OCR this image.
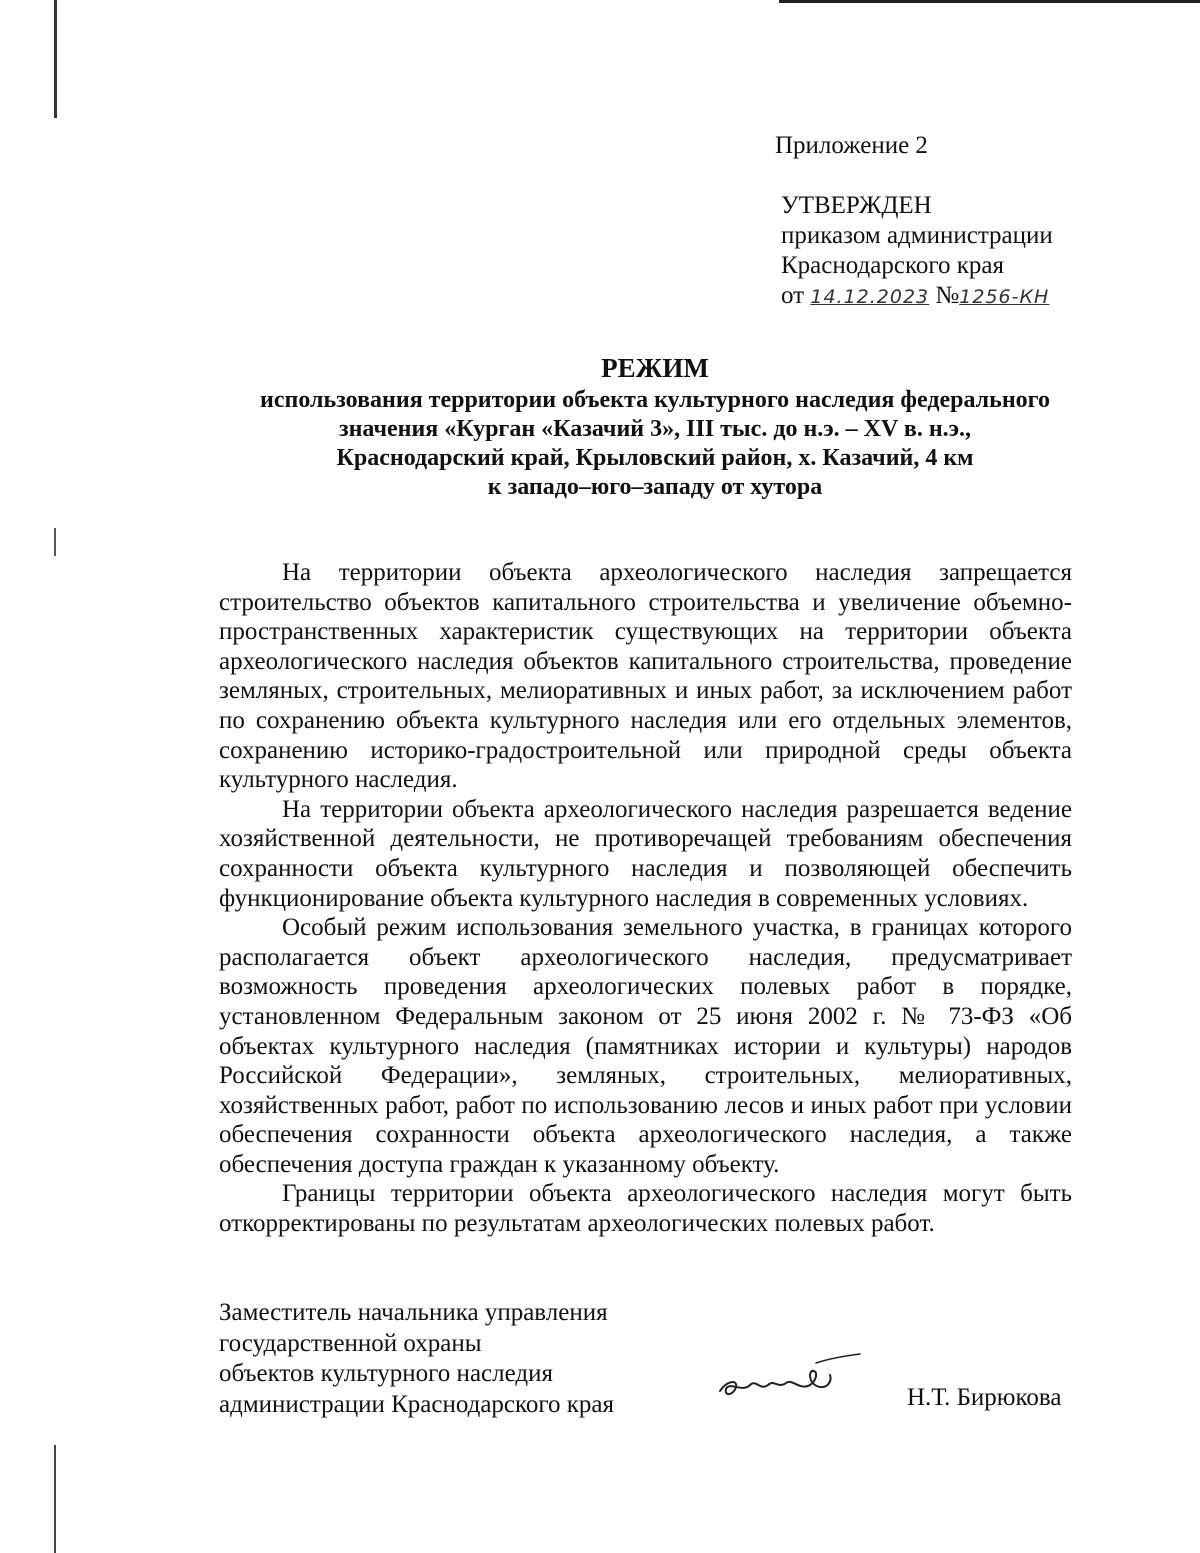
Приложение 2
УТВЕРЖДЕН
приказом администрации
Краснодарского края
от 14.12.2023 №1256-КН
РЕЖИМ
использования территории объекта культурного наследия федерального
значения «Курган «Казачий 3», III тыс. до н.э. – XV в. н.э.,
Краснодарский край, Крыловский район, х. Казачий, 4 км
к западо–юго–западу от хутора

На территории объекта археологического наследия запрещается строительство объектов капитального строительства и увеличение объемно-пространственных характеристик существующих на территории объекта археологического наследия объектов капитального строительства, проведение земляных, строительных, мелиоративных и иных работ, за исключением работ по сохранению объекта культурного наследия или его отдельных элементов, сохранению историко-градостроительной или природной среды объекта культурного наследия.

На территории объекта археологического наследия разрешается ведение хозяйственной деятельности, не противоречащей требованиям обеспечения сохранности объекта культурного наследия и позволяющей обеспечить функционирование объекта культурного наследия в современных условиях.

Особый режим использования земельного участка, в границах которого располагается объект археологического наследия, предусматривает возможность проведения археологических полевых работ в порядке, установленном Федеральным законом от 25 июня 2002 г. № 73-ФЗ «Об объектах культурного наследия (памятниках истории и культуры) народов Российской Федерации», земляных, строительных, мелиоративных, хозяйственных работ, работ по использованию лесов и иных работ при условии обеспечения сохранности объекта археологического наследия, а также обеспечения доступа граждан к указанному объекту.

Границы территории объекта археологического наследия могут быть откорректированы по результатам археологических полевых работ.

Заместитель начальника управления
государственной охраны
объектов культурного наследия
администрации Краснодарского края	Н.Т. Бирюкова
